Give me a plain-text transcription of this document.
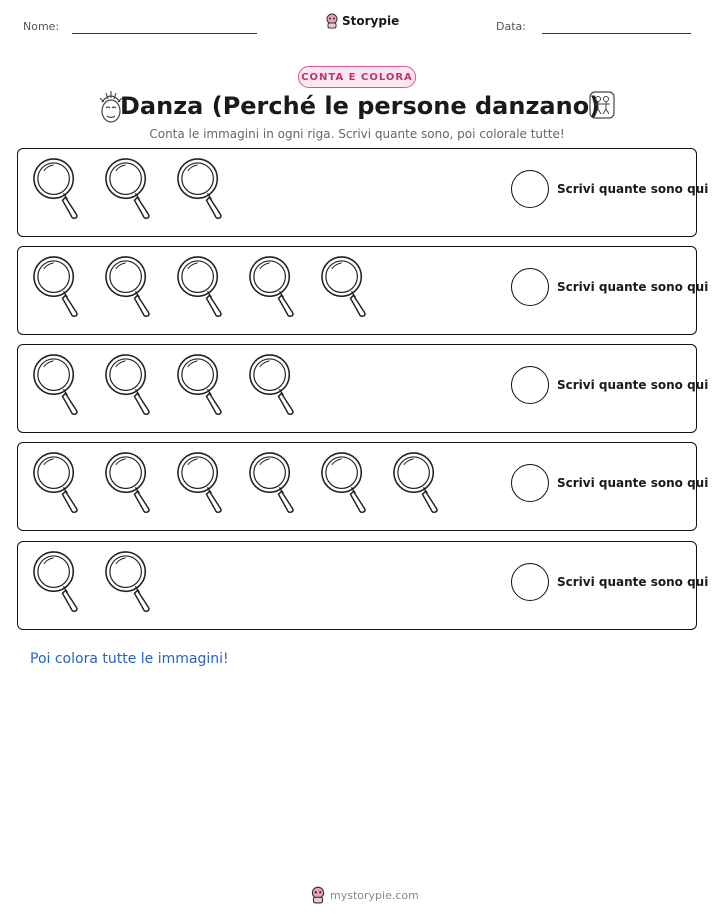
Nome:	Storypie	Data:
CONTA E COLORA
Danza (Perché le persone danzano)
Conta le immagini in ogni riga. Scrivi quante sono, poi colorale tutte!
Scrivi quante sono qui
Scrivi quante sono qui
Scrivi quante sono qui
Scrivi quante sono qui
Scrivi quante sono qui
Poi colora tutte le immagini!
mystorypie.com
